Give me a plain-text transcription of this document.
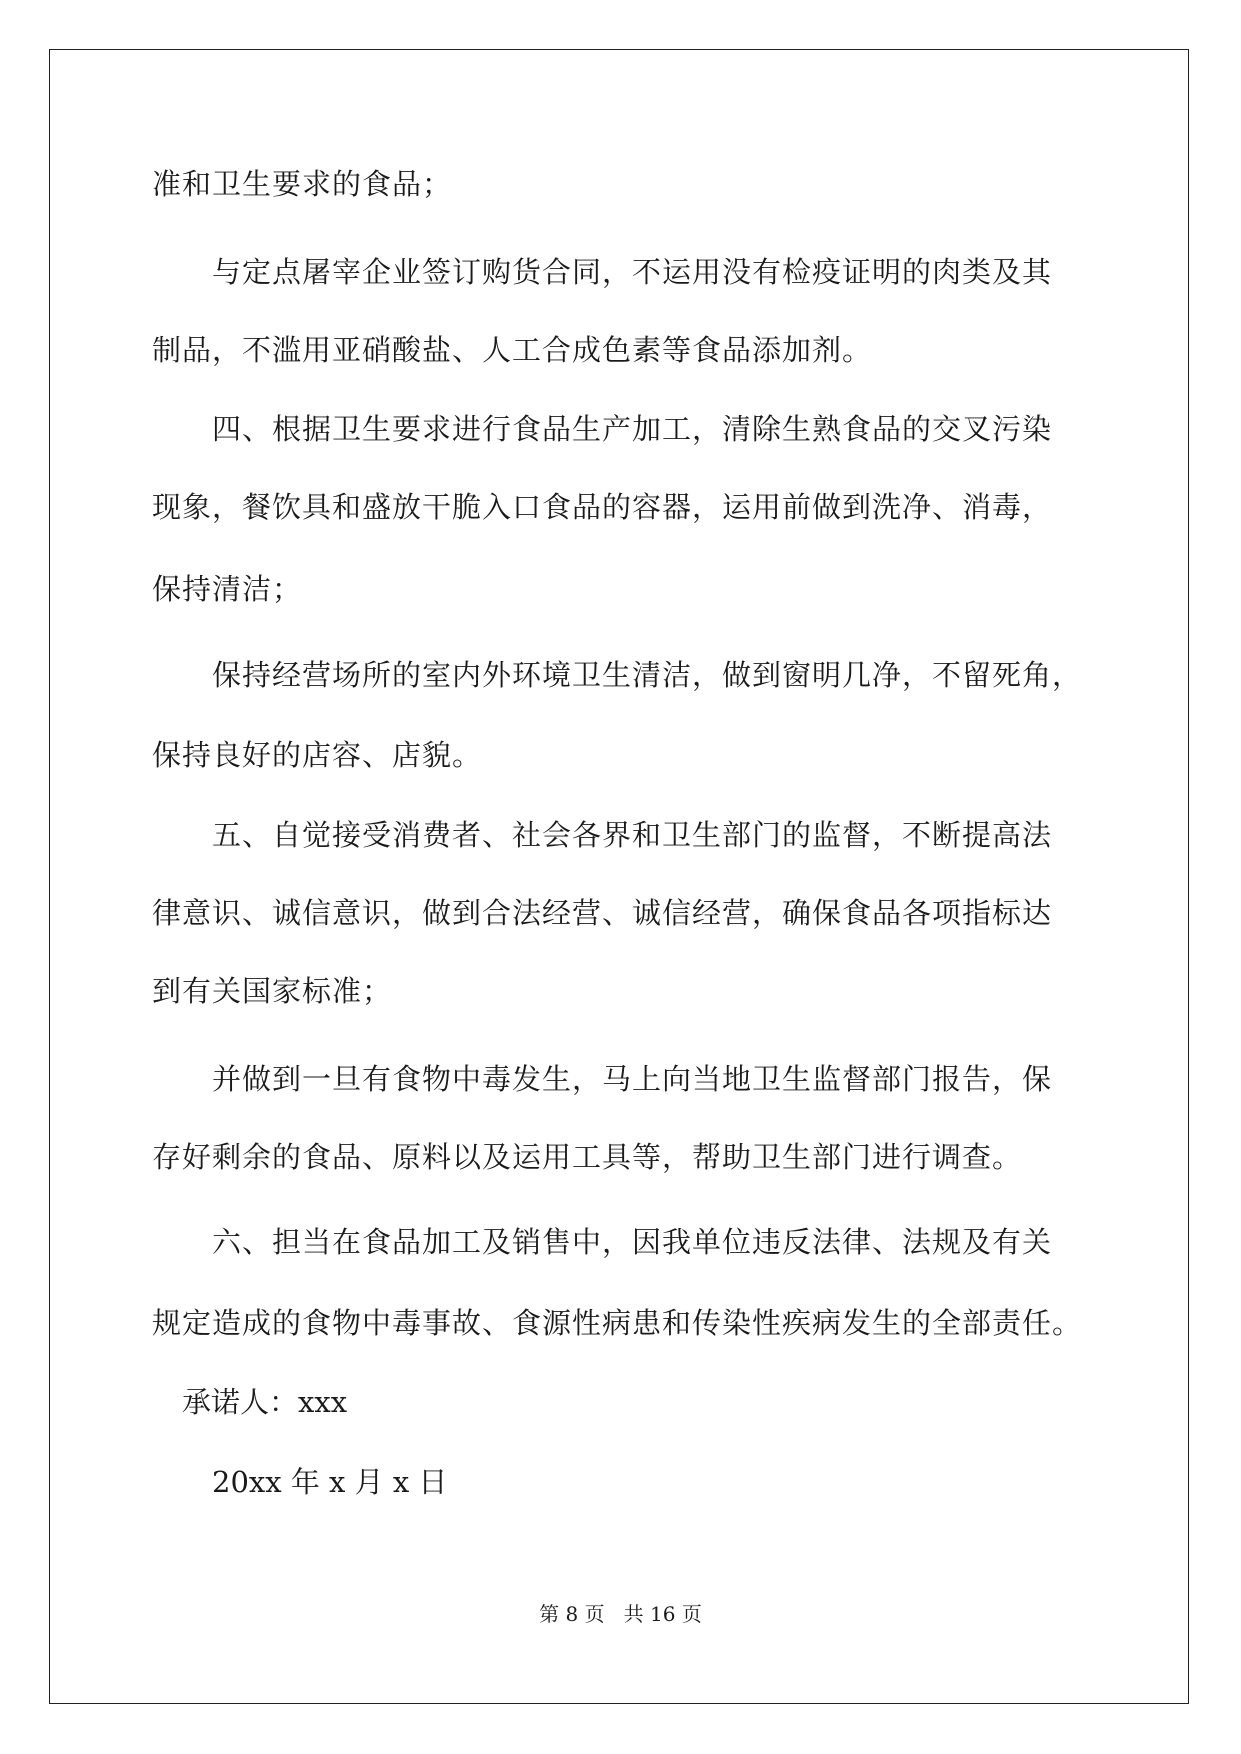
准和卫生要求的食品；
与定点屠宰企业签订购货合同，不运用没有检疫证明的肉类及其
制品，不滥用亚硝酸盐、人工合成色素等食品添加剂。
四、根据卫生要求进行食品生产加工，清除生熟食品的交叉污染
现象，餐饮具和盛放干脆入口食品的容器，运用前做到洗净、消毒，
保持清洁；
保持经营场所的室内外环境卫生清洁，做到窗明几净，不留死角，
保持良好的店容、店貌。
五、自觉接受消费者、社会各界和卫生部门的监督，不断提高法
律意识、诚信意识，做到合法经营、诚信经营，确保食品各项指标达
到有关国家标准；
并做到一旦有食物中毒发生，马上向当地卫生监督部门报告，保
存好剩余的食品、原料以及运用工具等，帮助卫生部门进行调查。
六、担当在食品加工及销售中，因我单位违反法律、法规及有关
规定造成的食物中毒事故、食源性病患和传染性疾病发生的全部责任。
承诺人：xxx
20xx 年 x 月 x 日
第 8 页   共 16 页
